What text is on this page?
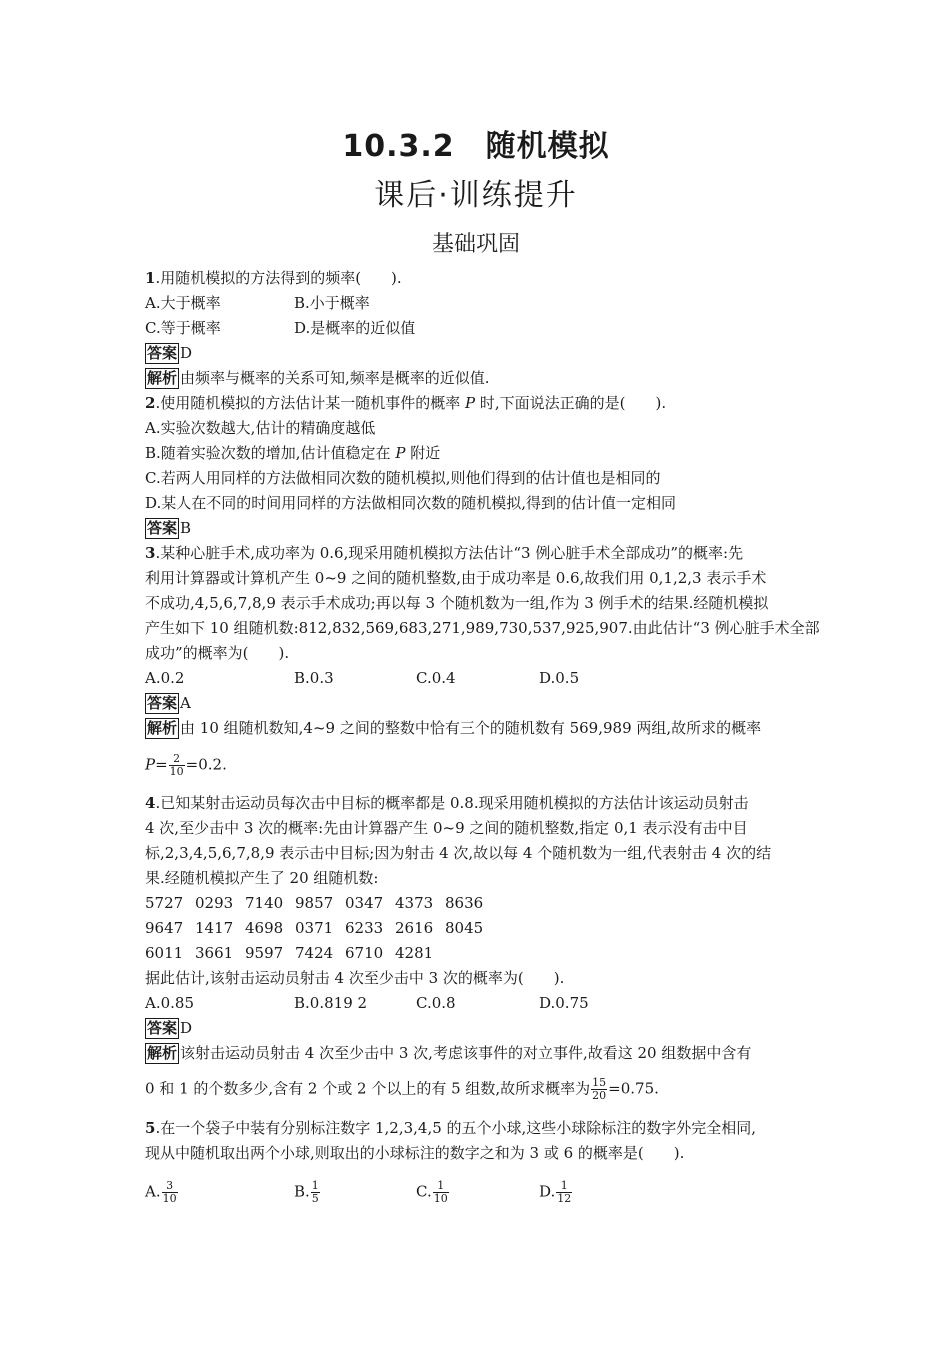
10.3.2　随机模拟
课后·训练提升
基础巩固
1.用随机模拟的方法得到的频率(　　).
A.大于概率	B.小于概率
C.等于概率	D.是概率的近似值
答案 D
解析 由频率与概率的关系可知,频率是概率的近似值.
2.使用随机模拟的方法估计某一随机事件的概率 P 时,下面说法正确的是(　　).
A.实验次数越大,估计的精确度越低
B.随着实验次数的增加,估计值稳定在 P 附近
C.若两人用同样的方法做相同次数的随机模拟,则他们得到的估计值也是相同的
D.某人在不同的时间用同样的方法做相同次数的随机模拟,得到的估计值一定相同
答案 B
3.某种心脏手术,成功率为 0.6,现采用随机模拟方法估计“3 例心脏手术全部成功”的概率:先
利用计算器或计算机产生 0~9 之间的随机整数,由于成功率是 0.6,故我们用 0,1,2,3 表示手术
不成功,4,5,6,7,8,9 表示手术成功;再以每 3 个随机数为一组,作为 3 例手术的结果.经随机模拟
产生如下 10 组随机数:812,832,569,683,271,989,730,537,925,907.由此估计“3 例心脏手术全部
成功”的概率为(　　).
A.0.2	B.0.3	C.0.4	D.0.5
答案 A
解析 由 10 组随机数知,4~9 之间的整数中恰有三个的随机数有 569,989 两组,故所求的概率
$P= \frac{2}{10} =0.2$.
4.已知某射击运动员每次击中目标的概率都是 0.8.现采用随机模拟的方法估计该运动员射击
4 次,至少击中 3 次的概率:先由计算器产生 0~9 之间的随机整数,指定 0,1 表示没有击中目
标,2,3,4,5,6,7,8,9 表示击中目标;因为射击 4 次,故以每 4 个随机数为一组,代表射击 4 次的结
果.经随机模拟产生了 20 组随机数:
5727 0293 7140 9857 0347 4373 8636
9647 1417 4698 0371 6233 2616 8045
6011 3661 9597 7424 6710 4281
据此估计,该射击运动员射击 4 次至少击中 3 次的概率为(　　).
A.0.85	B.0.819 2	C.0.8	D.0.75
答案 D
解析 该射击运动员射击 4 次至少击中 3 次,考虑该事件的对立事件,故看这 20 组数据中含有
0 和 1 的个数多少,含有 2 个或 2 个以上的有 5 组数,故所求概率为 $\frac{15}{20} =0.75$.
5.在一个袋子中装有分别标注数字 1,2,3,4,5 的五个小球,这些小球除标注的数字外完全相同,
现从中随机取出两个小球,则取出的小球标注的数字之和为 3 或 6 的概率是(　　).
A. $\frac{3}{10}$	B. $\frac{1}{5}$	C. $\frac{1}{10}$	D. $\frac{1}{12}$
